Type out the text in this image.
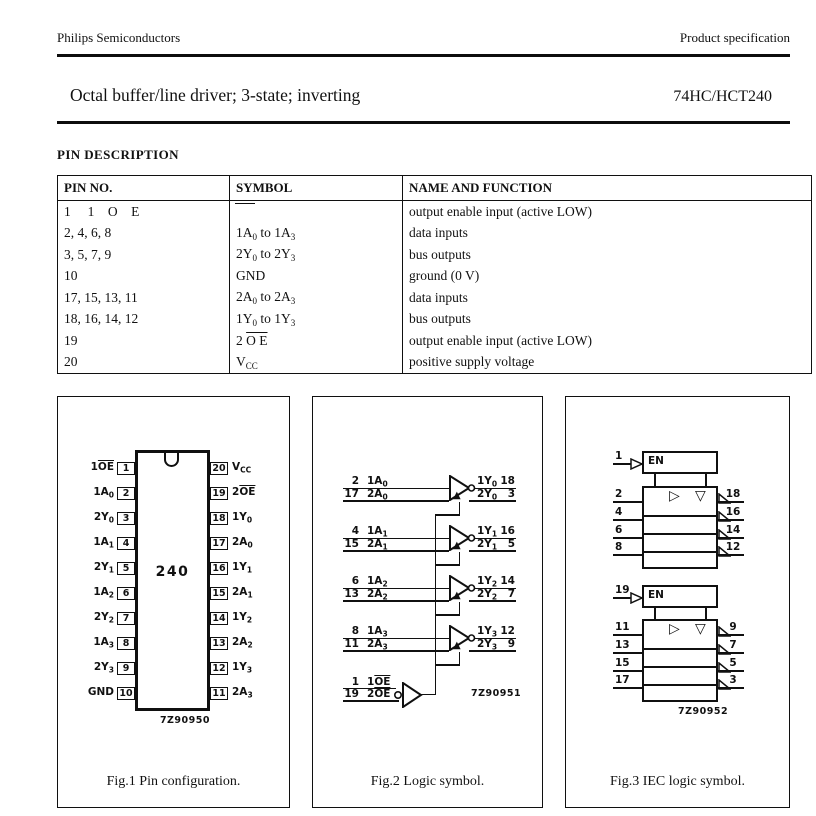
Philips Semiconductors	Product specification
Octal buffer/line driver; 3-state; inverting	74HC/HCT240
PIN DESCRIPTION
PIN NO.	SYMBOL	NAME AND FUNCTION
1     1    O    E		output enable input (active LOW)
2, 4, 6, 8	$1A_0$ to $1A_3$	data inputs
3, 5, 7, 9	$2Y_0$ to $2Y_3$	bus outputs
10	GND	ground (0 V)
17, 15, 13, 11	$2A_0$ to $2A_3$	data inputs
18, 16, 14, 12	$1Y_0$ to $1Y_3$	bus outputs
19	2 O E	output enable input (active LOW)
20	$V_{CC}$	positive supply voltage
240
7Z90950
Fig.1 Pin configuration.
$1\overline{OE}$ 1	20 $V_{CC}$
$1A_0$ 2	19 $2\overline{OE}$
$2Y_0$ 3	18 $1Y_0$
$1A_1$ 4	17 $2A_0$
$2Y_1$ 5	16 $1Y_1$
$1A_2$ 6	15 $2A_1$
$2Y_2$ 7	14 $1Y_2$
$1A_3$ 8	13 $2A_2$
$2Y_3$ 9	12 $1Y_3$
GND 10	11 $2A_3$	7Z90951
Fig.2 Logic symbol.
▲
2 $1A_0$
17 $2A_0$
$1Y_0$ 18
$2Y_0$	3
▲
4 $1A_1$
15 $2A_1$
$1Y_1$ 16
$2Y_1$	5
▲
6 $1A_2$
13 $2A_2$
$1Y_2$ 14
$2Y_2$	7
▲
8 $1A_3$
11 $2A_3$
$1Y_3$ 12
$2Y_3$	9
1 $1\overline{OE}$
19 $2\overline{OE}$
7Z90952
Fig.3 IEC logic symbol.
EN
1
▷ ▽
2	18
4	16
6	14
8	12
EN
19
▷ ▽
11	9
13	7
15	5
17	3
